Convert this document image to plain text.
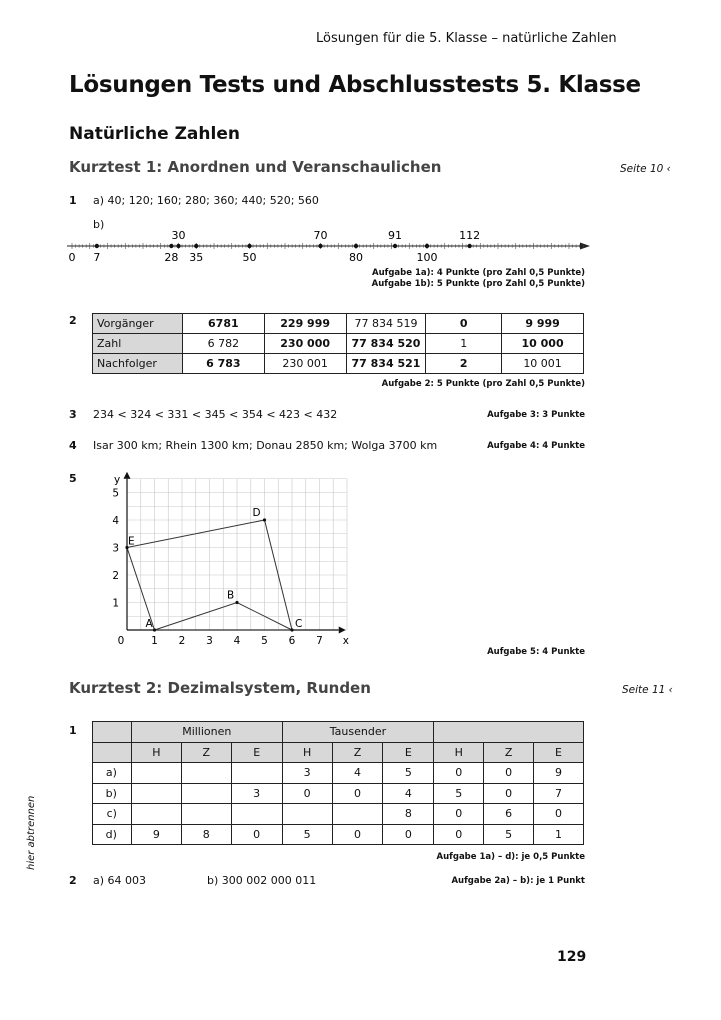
Lösungen für die 5. Klasse – natürliche Zahlen
Lösungen Tests und Abschlusstests 5. Klasse
Natürliche Zahlen
Kurztest 1: Anordnen und Veranschaulichen	Seite 10 ‹
1 a) 40; 120; 160; 280; 360; 440; 520; 560
b)
30	70	91	112
0 7	28 35	50	80	100
Aufgabe 1a): 4 Punkte (pro Zahl 0,5 Punkte)
Aufgabe 1b): 5 Punkte (pro Zahl 0,5 Punkte)
2 Vorgänger	6781	229 999	77 834 519	0	9 999
Zahl	6 782	230 000	77 834 520	1	10 000
Nachfolger	6 783	230 001	77 834 521	2	10 001
Aufgabe 2: 5 Punkte (pro Zahl 0,5 Punkte)
3 234 < 324 < 331 < 345 < 354 < 423 < 432	Aufgabe 3: 3 Punkte
4 Isar 300 km; Rhein 1300 km; Donau 2850 km; Wolga 3700 km	Aufgabe 4: 4 Punkte
5
0	1 2 3 4 5 6 7
1
2
3
4
5
x
y
A
B
C
D
E
Aufgabe 5: 4 Punkte
Kurztest 2: Dezimalsystem, Runden	Seite 11 ‹
1
		Millionen			Tausender					
	H	Z	E	H	Z	E	H	Z	E
a)				3	4	5	0	0	9
b)			3	0	0	4	5	0	7
c)						8	0	6	0
d)	9	8	0	5	0	0	0	5	1
Aufgabe 1a) – d): je 0,5 Punkte
2 a) 64 003	b) 300 002 000 011	Aufgabe 2a) – b): je 1 Punkt
hier abtrennen
129
